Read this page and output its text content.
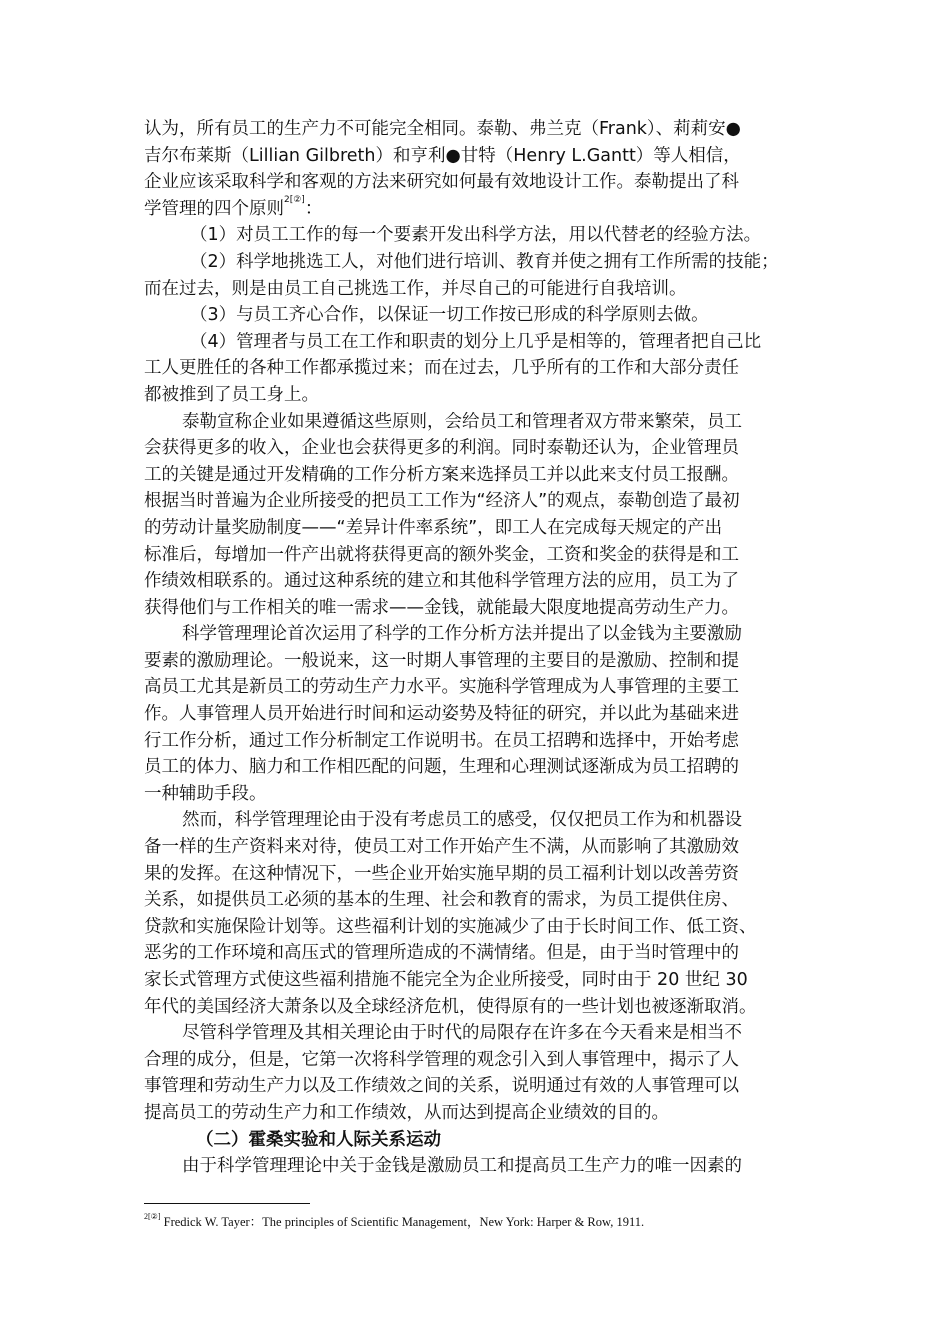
认为，所有员工的生产力不可能完全相同。泰勒、弗兰克（Frank）、莉莉安●
吉尔布莱斯（Lillian Gilbreth）和亨利●甘特（Henry L.Gantt）等人相信，
企业应该采取科学和客观的方法来研究如何最有效地设计工作。泰勒提出了科
学管理的四个原则$^{2[②]}$：
（1）对员工工作的每一个要素开发出科学方法，用以代替老的经验方法。
（2）科学地挑选工人，对他们进行培训、教育并使之拥有工作所需的技能；
而在过去，则是由员工自己挑选工作，并尽自己的可能进行自我培训。
（3）与员工齐心合作，以保证一切工作按已形成的科学原则去做。
（4）管理者与员工在工作和职责的划分上几乎是相等的，管理者把自己比
工人更胜任的各种工作都承揽过来；而在过去，几乎所有的工作和大部分责任
都被推到了员工身上。
泰勒宣称企业如果遵循这些原则，会给员工和管理者双方带来繁荣，员工
会获得更多的收入，企业也会获得更多的利润。同时泰勒还认为，企业管理员
工的关键是通过开发精确的工作分析方案来选择员工并以此来支付员工报酬。
根据当时普遍为企业所接受的把员工工作为“经济人”的观点，泰勒创造了最初
的劳动计量奖励制度——“差异计件率系统”，即工人在完成每天规定的产出
标准后，每增加一件产出就将获得更高的额外奖金，工资和奖金的获得是和工
作绩效相联系的。通过这种系统的建立和其他科学管理方法的应用，员工为了
获得他们与工作相关的唯一需求——金钱，就能最大限度地提高劳动生产力。
科学管理理论首次运用了科学的工作分析方法并提出了以金钱为主要激励
要素的激励理论。一般说来，这一时期人事管理的主要目的是激励、控制和提
高员工尤其是新员工的劳动生产力水平。实施科学管理成为人事管理的主要工
作。人事管理人员开始进行时间和运动姿势及特征的研究，并以此为基础来进
行工作分析，通过工作分析制定工作说明书。在员工招聘和选择中，开始考虑
员工的体力、脑力和工作相匹配的问题，生理和心理测试逐渐成为员工招聘的
一种辅助手段。
然而，科学管理理论由于没有考虑员工的感受，仅仅把员工作为和机器设
备一样的生产资料来对待，使员工对工作开始产生不满，从而影响了其激励效
果的发挥。在这种情况下，一些企业开始实施早期的员工福利计划以改善劳资
关系，如提供员工必须的基本的生理、社会和教育的需求，为员工提供住房、
贷款和实施保险计划等。这些福利计划的实施减少了由于长时间工作、低工资、
恶劣的工作环境和高压式的管理所造成的不满情绪。但是，由于当时管理中的
家长式管理方式使这些福利措施不能完全为企业所接受，同时由于 20 世纪 30
年代的美国经济大萧条以及全球经济危机，使得原有的一些计划也被逐渐取消。
尽管科学管理及其相关理论由于时代的局限存在许多在今天看来是相当不
合理的成分，但是，它第一次将科学管理的观念引入到人事管理中，揭示了人
事管理和劳动生产力以及工作绩效之间的关系，说明通过有效的人事管理可以
提高员工的劳动生产力和工作绩效，从而达到提高企业绩效的目的。
（二）霍桑实验和人际关系运动
由于科学管理理论中关于金钱是激励员工和提高员工生产力的唯一因素的
$^{2[②]}$ Fredick W. Tayer：The principles of Scientific Management，New York: Harper & Row, 1911.
